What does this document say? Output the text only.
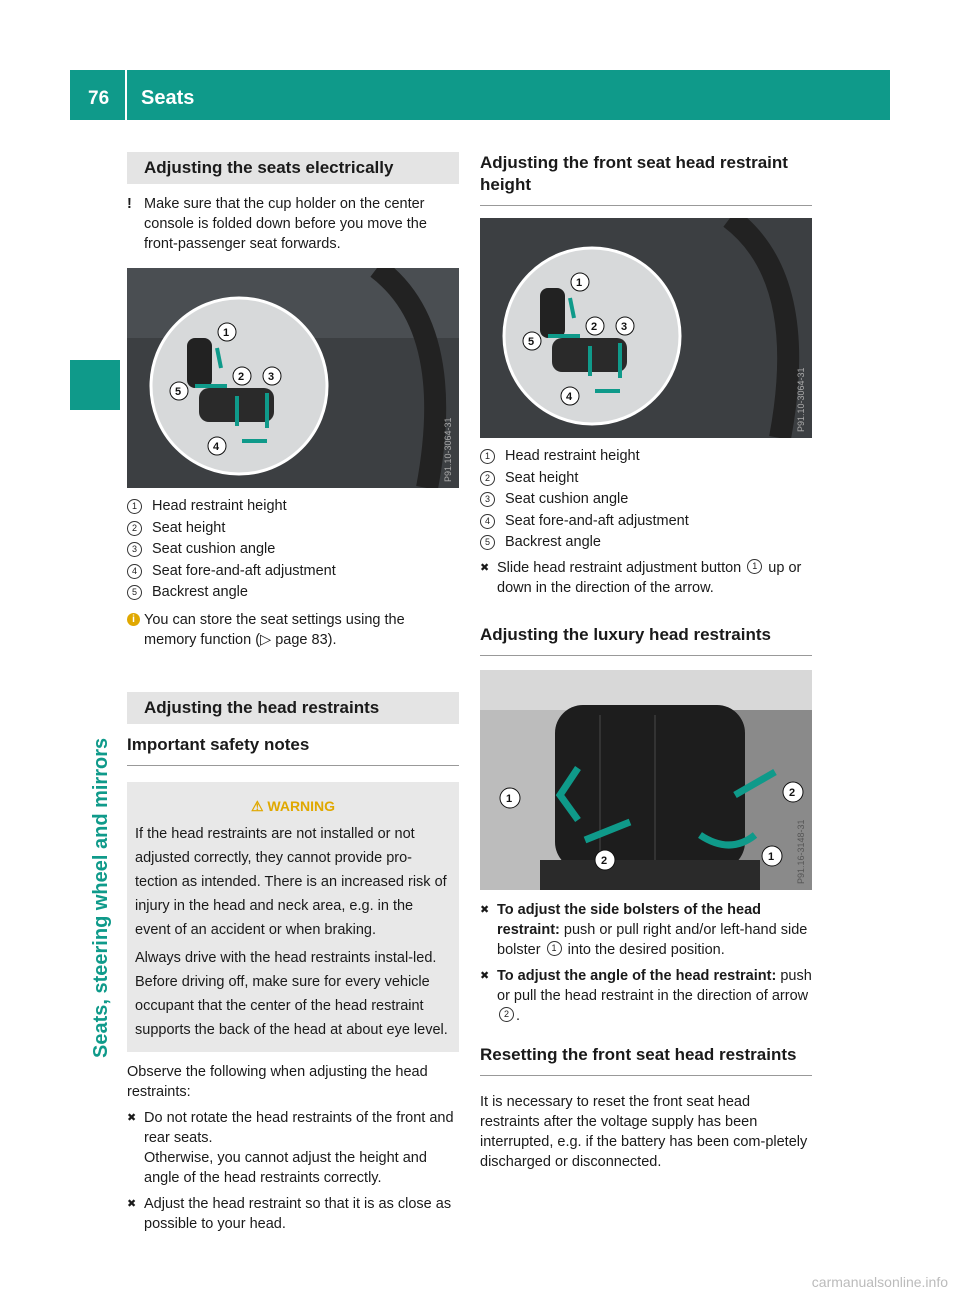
76 Seats
Seats, steering wheel and mirrors
Adjusting the seats electrically
! Make sure that the cup holder on the center console is folded down before you move the front-passenger seat forwards.
1
2 3
4
5
P91.10-3064-31
1	Head restraint height
2	Seat height
3	Seat cushion angle
4	Seat fore-and-aft adjustment
5	Backrest angle
i You can store the seat settings using the memory function (▷ page 83).
Adjusting the head restraints
Important safety notes
⚠ WARNING

If the head restraints are not installed or not adjusted correctly, they cannot provide pro-tection as intended. There is an increased risk of injury in the head and neck area, e.g. in the event of an accident or when braking.

Always drive with the head restraints instal-led. Before driving off, make sure for every vehicle occupant that the center of the head restraint supports the back of the head at about eye level.

Observe the following when adjusting the head restraints:

✖ Do not rotate the head restraints of the front and rear seats.

Otherwise, you cannot adjust the height and angle of the head restraints correctly.

✖ Adjust the head restraint so that it is as close as possible to your head.

Adjusting the front seat head restraint height
1
2 3
4
5
P91.10-3064-31
1	Head restraint height
2	Seat height
3	Seat cushion angle
4	Seat fore-and-aft adjustment
5	Backrest angle
✖ Slide head restraint adjustment button 1 up or down in the direction of the arrow.
Adjusting the luxury head restraints
1	2
2	1 P91.16-3148-31
✖ To adjust the side bolsters of the head restraint: push or pull right and/or left-hand side bolster 1 into the desired position.
✖ To adjust the angle of the head restraint: push or pull the head restraint in the direction of arrow 2 .
Resetting the front seat head restraints

It is necessary to reset the front seat head restraints after the voltage supply has been interrupted, e.g. if the battery has been com-pletely discharged or disconnected.

carmanualsonline.info
